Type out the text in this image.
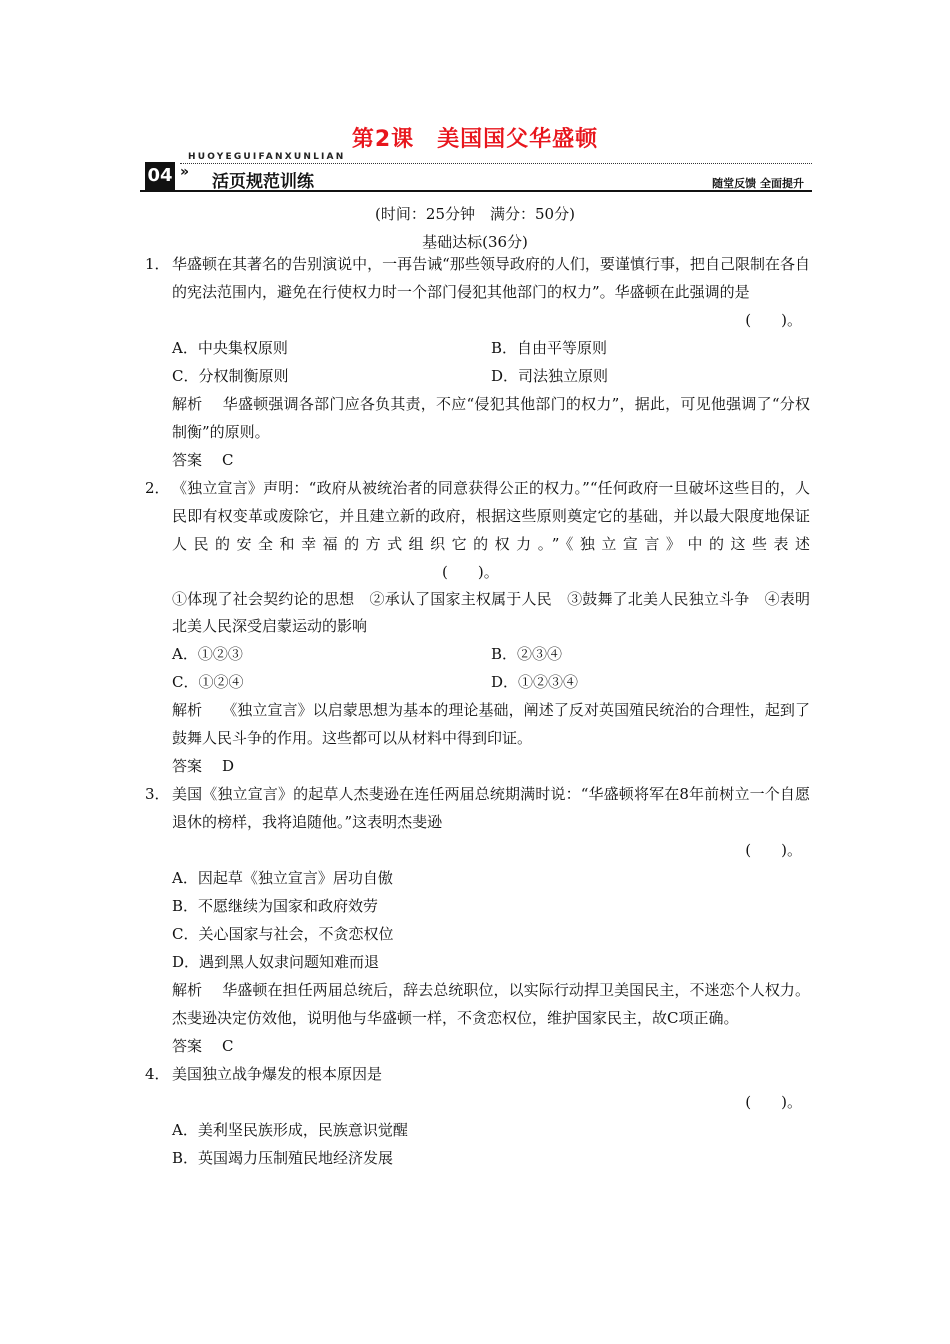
第2课　美国国父华盛顿
HUOYEGUIFANXUNLIAN
04 » 活页规范训练	随堂反馈 全面提升
(时间：25分钟　满分：50分)
基础达标(36分)
1． 华盛顿在其著名的告别演说中，一再告诫“那些领导政府的人们，要谨慎行事，把自己限制在各自的宪法范围内，避免在行使权力时一个部门侵犯其他部门的权力”。华盛顿在此强调的是
(　　)。
A．中央集权原则	B．自由平等原则
C．分权制衡原则	D．司法独立原则
解析 华盛顿强调各部门应各负其责，不应“侵犯其他部门的权力”，据此，可见他强调了“分权制衡”的原则。
答案 C
2． 《独立宣言》声明：“政府从被统治者的同意获得公正的权力。”“任何政府一旦破坏这些目的，人民即有权变革或废除它，并且建立新的政府，根据这些原则奠定它的基础，并以最大限度地保证人民的安全和幸福的方式组织它的权力。”《独立宣言》中的这些表述(　　)。
①体现了社会契约论的思想　②承认了国家主权属于人民　③鼓舞了北美人民独立斗争　④表明北美人民深受启蒙运动的影响
A．①②③	B．②③④
C．①②④	D．①②③④
解析 《独立宣言》以启蒙思想为基本的理论基础，阐述了反对英国殖民统治的合理性，起到了鼓舞人民斗争的作用。这些都可以从材料中得到印证。
答案 D
3． 美国《独立宣言》的起草人杰斐逊在连任两届总统期满时说：“华盛顿将军在8年前树立一个自愿退休的榜样，我将追随他。”这表明杰斐逊
(　　)。
A．因起草《独立宣言》居功自傲
B．不愿继续为国家和政府效劳
C．关心国家与社会，不贪恋权位
D．遇到黑人奴隶问题知难而退
解析 华盛顿在担任两届总统后，辞去总统职位，以实际行动捍卫美国民主，不迷恋个人权力。杰斐逊决定仿效他，说明他与华盛顿一样，不贪恋权位，维护国家民主，故C项正确。
答案 C
4． 美国独立战争爆发的根本原因是
(　　)。
A．美利坚民族形成，民族意识觉醒
B．英国竭力压制殖民地经济发展
